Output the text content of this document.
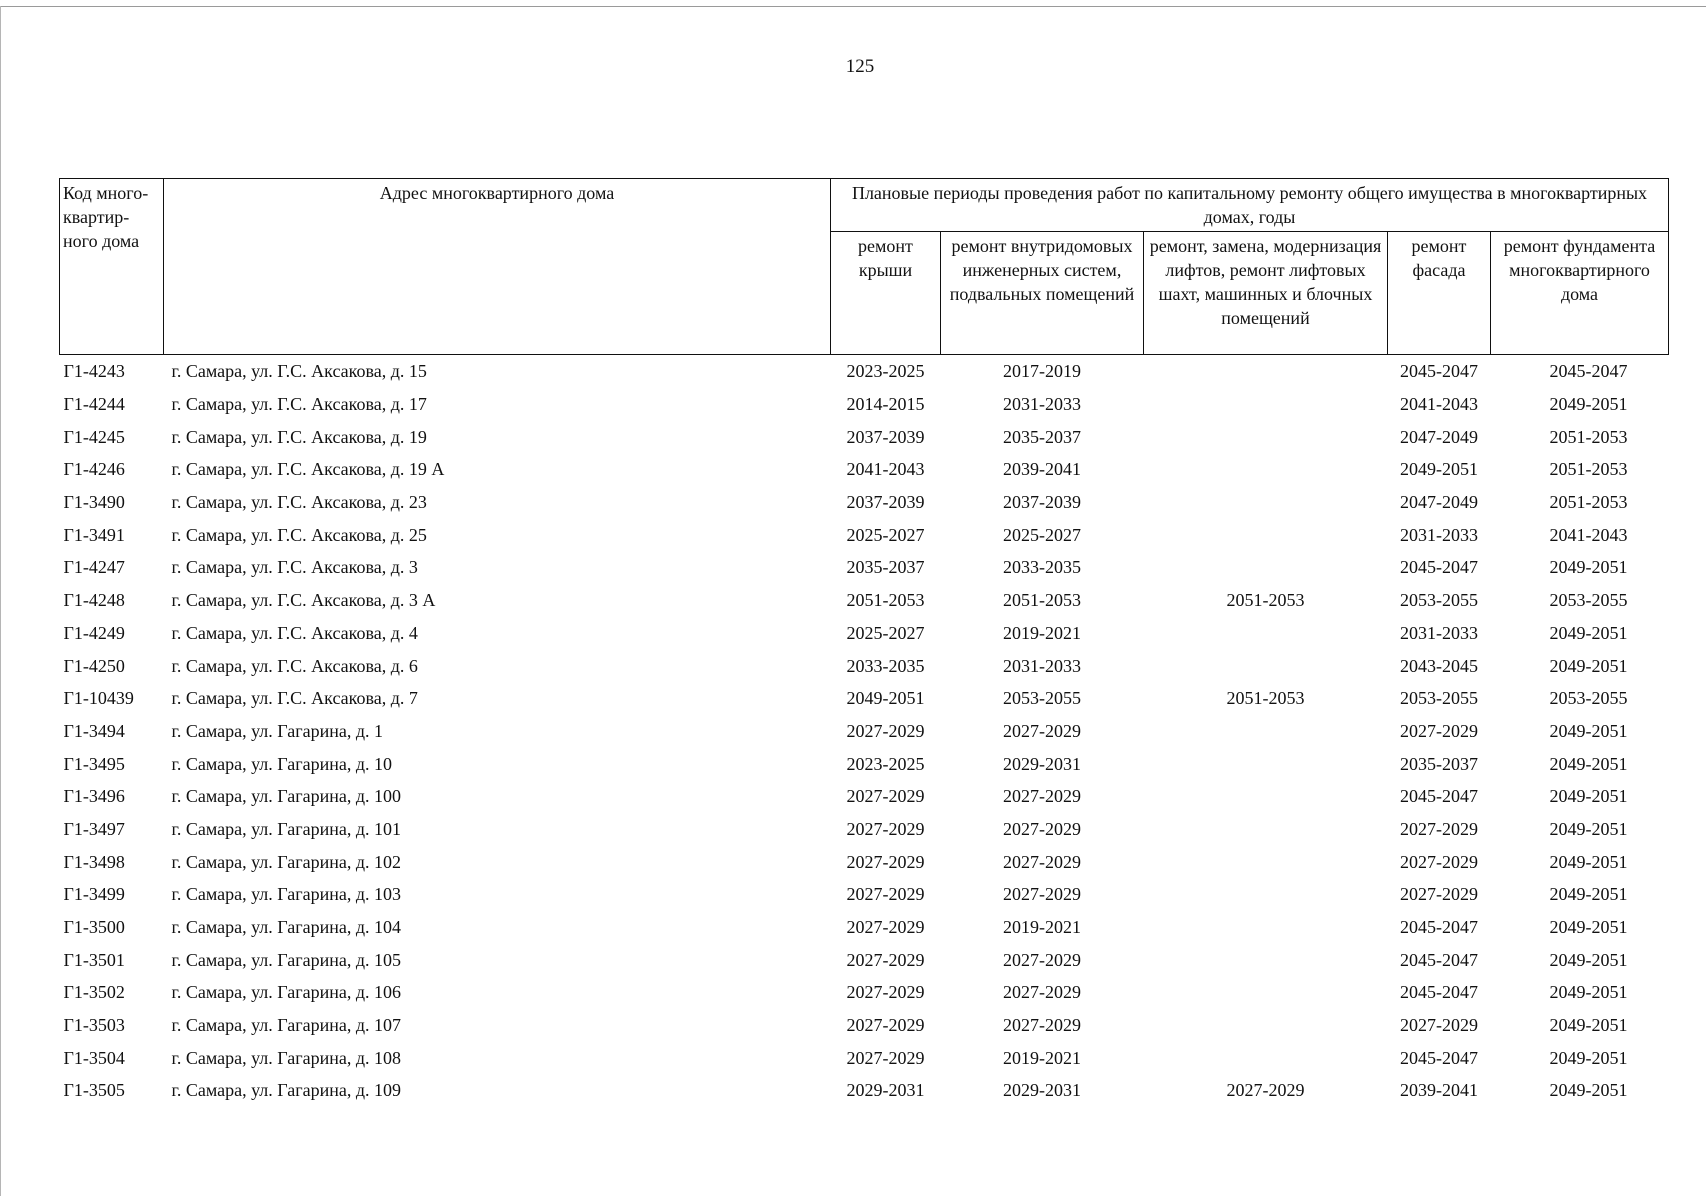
125
Код много-квартир-ного дома	Адрес многоквартирного дома	Плановые периоды проведения работ по капитальному ремонту общего имущества в многоквартирных домах, годы				
		ремонт крыши	ремонт внутридомовых инженерных систем, подвальных помещений	ремонт, замена, модернизация лифтов, ремонт лифтовых шахт, машинных и блочных помещений	ремонт фасада	ремонт фундамента многоквартирного дома
Г1-4243	г. Самара, ул. Г.С. Аксакова, д. 15	2023-2025	2017-2019		2045-2047	2045-2047
Г1-4244	г. Самара, ул. Г.С. Аксакова, д. 17	2014-2015	2031-2033		2041-2043	2049-2051
Г1-4245	г. Самара, ул. Г.С. Аксакова, д. 19	2037-2039	2035-2037		2047-2049	2051-2053
Г1-4246	г. Самара, ул. Г.С. Аксакова, д. 19 А	2041-2043	2039-2041		2049-2051	2051-2053
Г1-3490	г. Самара, ул. Г.С. Аксакова, д. 23	2037-2039	2037-2039		2047-2049	2051-2053
Г1-3491	г. Самара, ул. Г.С. Аксакова, д. 25	2025-2027	2025-2027		2031-2033	2041-2043
Г1-4247	г. Самара, ул. Г.С. Аксакова, д. 3	2035-2037	2033-2035		2045-2047	2049-2051
Г1-4248	г. Самара, ул. Г.С. Аксакова, д. 3 А	2051-2053	2051-2053	2051-2053	2053-2055	2053-2055
Г1-4249	г. Самара, ул. Г.С. Аксакова, д. 4	2025-2027	2019-2021		2031-2033	2049-2051
Г1-4250	г. Самара, ул. Г.С. Аксакова, д. 6	2033-2035	2031-2033		2043-2045	2049-2051
Г1-10439	г. Самара, ул. Г.С. Аксакова, д. 7	2049-2051	2053-2055	2051-2053	2053-2055	2053-2055
Г1-3494	г. Самара, ул. Гагарина, д. 1	2027-2029	2027-2029		2027-2029	2049-2051
Г1-3495	г. Самара, ул. Гагарина, д. 10	2023-2025	2029-2031		2035-2037	2049-2051
Г1-3496	г. Самара, ул. Гагарина, д. 100	2027-2029	2027-2029		2045-2047	2049-2051
Г1-3497	г. Самара, ул. Гагарина, д. 101	2027-2029	2027-2029		2027-2029	2049-2051
Г1-3498	г. Самара, ул. Гагарина, д. 102	2027-2029	2027-2029		2027-2029	2049-2051
Г1-3499	г. Самара, ул. Гагарина, д. 103	2027-2029	2027-2029		2027-2029	2049-2051
Г1-3500	г. Самара, ул. Гагарина, д. 104	2027-2029	2019-2021		2045-2047	2049-2051
Г1-3501	г. Самара, ул. Гагарина, д. 105	2027-2029	2027-2029		2045-2047	2049-2051
Г1-3502	г. Самара, ул. Гагарина, д. 106	2027-2029	2027-2029		2045-2047	2049-2051
Г1-3503	г. Самара, ул. Гагарина, д. 107	2027-2029	2027-2029		2027-2029	2049-2051
Г1-3504	г. Самара, ул. Гагарина, д. 108	2027-2029	2019-2021		2045-2047	2049-2051
Г1-3505	г. Самара, ул. Гагарина, д. 109	2029-2031	2029-2031	2027-2029	2039-2041	2049-2051
